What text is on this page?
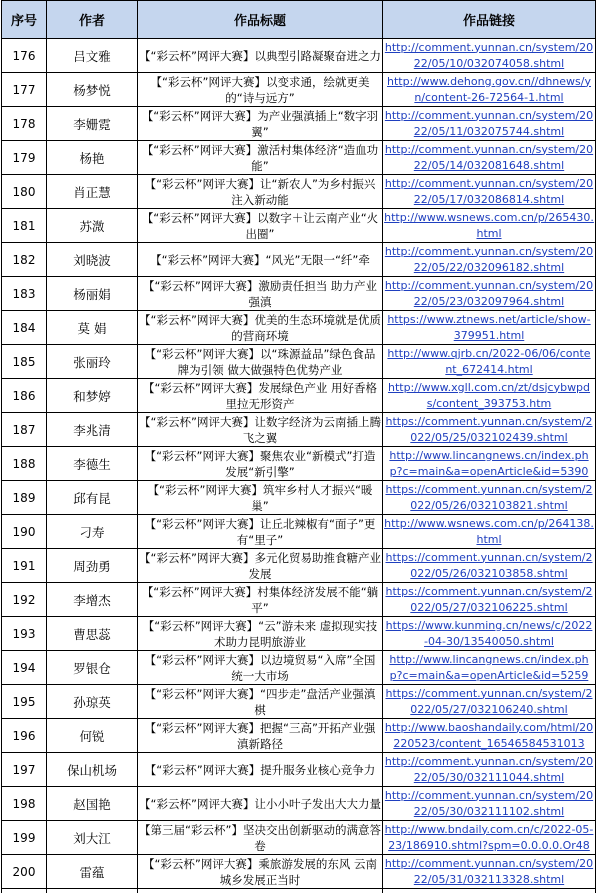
序号	作者	作品标题	作品链接
176	吕文雅	【“彩云杯”网评大赛】以典型引路凝聚奋进之力	http://comment.yunnan.cn/system/2022/05/10/032074058.shtml
177	杨梦悦	【“彩云杯”网评大赛】以变求通，绘就更美的“诗与远方”	http://www.dehong.gov.cn//dhnews/yn/content-26-72564-1.html
178	李姗霓	【“彩云杯”网评大赛】为产业强滇插上“数字羽翼”	http://comment.yunnan.cn/system/2022/05/11/032075744.shtml
179	杨艳	【“彩云杯”网评大赛】激活村集体经济“造血功能”	http://comment.yunnan.cn/system/2022/05/14/032081648.shtml
180	肖正慧	【“彩云杯”网评大赛】让“新农人”为乡村振兴注入新动能	http://comment.yunnan.cn/system/2022/05/17/032086814.shtml
181	苏溦	【“彩云杯”网评大赛】以数字＋让云南产业“火出圈”	http://www.wsnews.com.cn/p/265430.html
182	刘晓波	【“彩云杯”网评大赛】“风光”无限一“纤”牵	http://comment.yunnan.cn/system/2022/05/22/032096182.shtml
183	杨丽娟	【“彩云杯”网评大赛】激励责任担当 助力产业强滇	http://comment.yunnan.cn/system/2022/05/23/032097964.shtml
184	莫 娟	【“彩云杯”网评大赛】优美的生态环境就是优质的营商环境	https://www.ztnews.net/article/show-379951.html
185	张丽玲	【“彩云杯”网评大赛】以“珠源益品”绿色食品牌为引领 做大做强特色优势产业	http://www.qjrb.cn/2022-06/06/content_672414.html
186	和梦婷	【“彩云杯”网评大赛】发展绿色产业 用好香格里拉无形资产	http://www.xgll.com.cn/zt/dsjcybwpds/content_393753.htm
187	李兆清	【“彩云杯”网评大赛】让数字经济为云南插上腾飞之翼	https://comment.yunnan.cn/system/2022/05/25/032102439.shtml
188	李德生	【“彩云杯”网评大赛】聚焦农业“新模式”打造发展“新引擎”	http://www.lincangnews.cn/index.php?c=main&a=openArticle&id=5390
189	邱有昆	【“彩云杯”网评大赛】筑牢乡村人才振兴“暖巢”	https://comment.yunnan.cn/system/2022/05/26/032103821.shtml
190	刁寿	【“彩云杯”网评大赛】让丘北辣椒有“面子”更有“里子”	http://www.wsnews.com.cn/p/264138.html
191	周劲勇	【“彩云杯”网评大赛】多元化贸易助推食糖产业发展	https://comment.yunnan.cn/system/2022/05/26/032103858.shtml
192	李增杰	【“彩云杯”网评大赛】村集体经济发展不能“躺平”	https://comment.yunnan.cn/system/2022/05/27/032106225.shtml
193	曹思蕊	【“彩云杯”网评大赛】“云”游未来 虚拟现实技术助力昆明旅游业	https://www.kunming.cn/news/c/2022-04-30/13540050.shtml
194	罗银仓	【“彩云杯”网评大赛】以边境贸易“入席”全国统一大市场	http://www.lincangnews.cn/index.php?c=main&a=openArticle&id=5259
195	孙琼英	【“彩云杯”网评大赛】“四步走”盘活产业强滇棋	https://comment.yunnan.cn/system/2022/05/27/032106240.shtml
196	何锐	【“彩云杯”网评大赛】把握“三高”开拓产业强滇新路径	http://www.baoshandaily.com/html/20220523/content_16546584531013
197	保山机场	【“彩云杯”网评大赛】提升服务业核心竞争力	http://comment.yunnan.cn/system/2022/05/30/032111044.shtml
198	赵国艳	【“彩云杯”网评大赛】让小小叶子发出大大力量	http://comment.yunnan.cn/system/2022/05/30/032111102.shtml
199	刘大江	【第三届“彩云杯”】坚决交出创新驱动的满意答卷	http://www.bndaily.com.cn/c/2022-05-23/186910.shtml?spm=0.0.0.0.Or48
200	雷蕴	【“彩云杯”网评大赛】乘旅游发展的东风 云南城乡发展正当时	http://comment.yunnan.cn/system/2022/05/31/032113328.shtml
